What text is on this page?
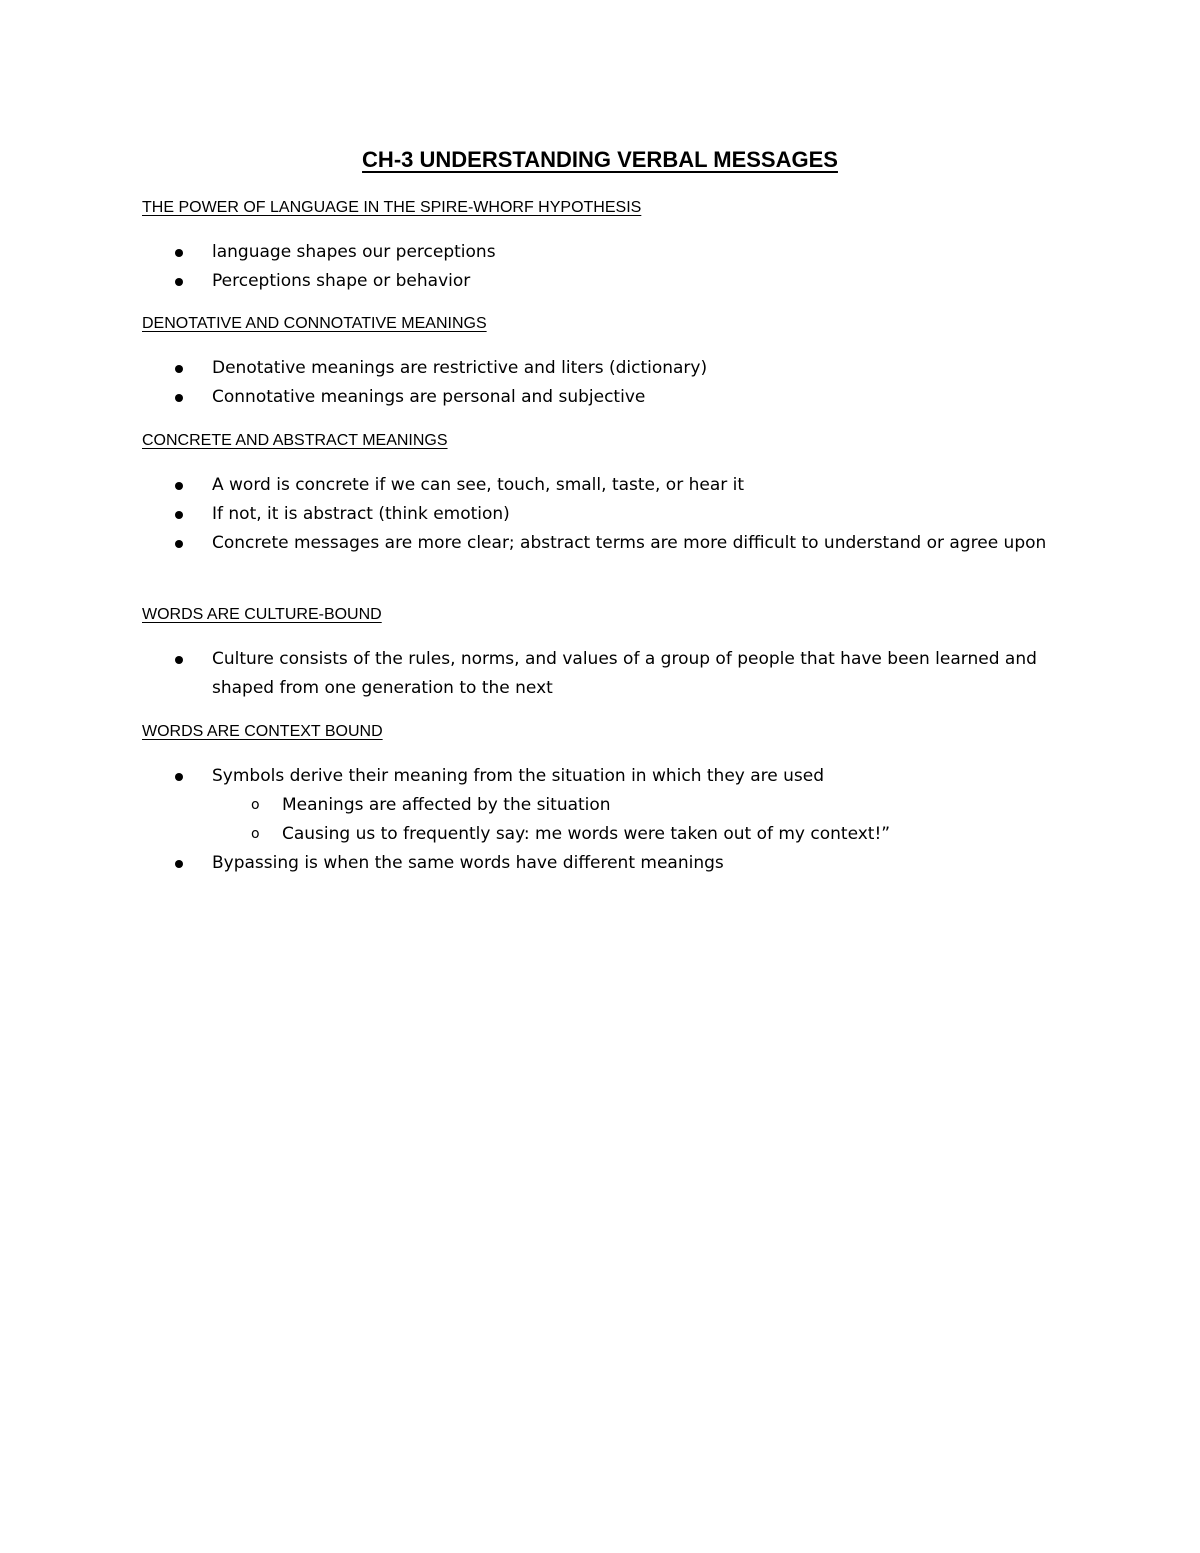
CH-3 UNDERSTANDING VERBAL MESSAGES
THE POWER OF LANGUAGE IN THE SPIRE-WHORF HYPOTHESIS
language shapes our perceptions
Perceptions shape or behavior
DENOTATIVE AND CONNOTATIVE MEANINGS
Denotative meanings are restrictive and liters (dictionary)
Connotative meanings are personal and subjective
CONCRETE AND ABSTRACT MEANINGS
A word is concrete if we can see, touch, small, taste, or hear it
If not, it is abstract (think emotion)
Concrete messages are more clear; abstract terms are more difficult to understand or agree upon
WORDS ARE CULTURE-BOUND
Culture consists of the rules, norms, and values of a group of people that have been learned and shaped from one generation to the next
WORDS ARE CONTEXT BOUND
Symbols derive their meaning from the situation in which they are used
o Meanings are affected by the situation
o Causing us to frequently say: me words were taken out of my context!”
Bypassing is when the same words have different meanings
